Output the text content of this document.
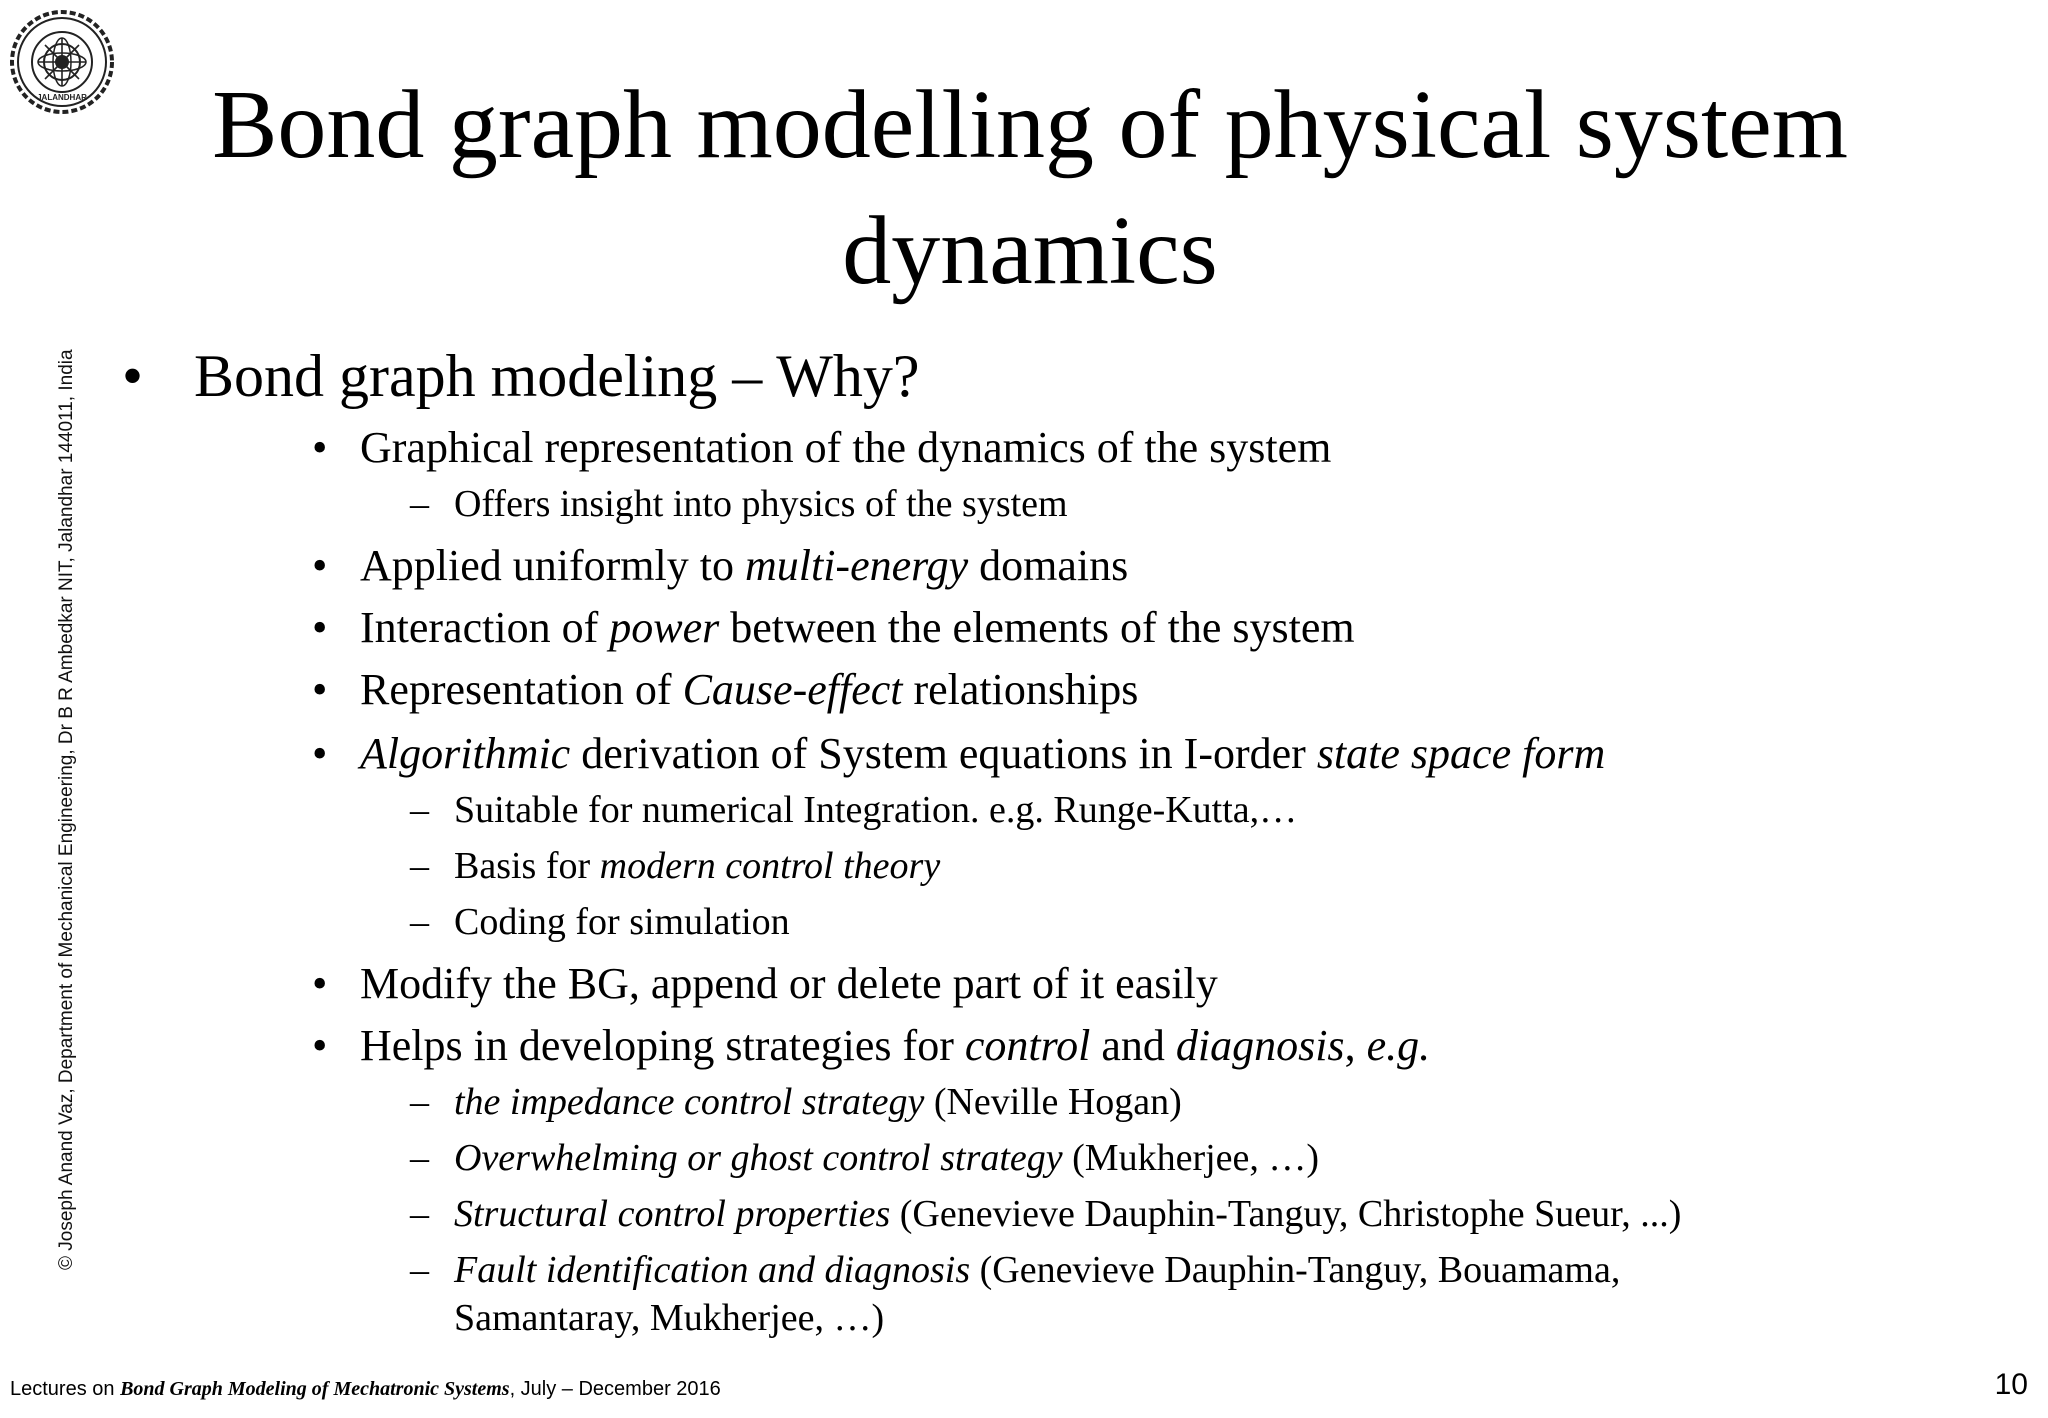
JALANDHAR
© Joseph Anand Vaz, Department of Mechanical Engineering, Dr B R Ambedkar NIT, Jalandhar 144011, India
Bond graph modelling of physical system dynamics
• Bond graph modeling – Why?
• Graphical representation of the dynamics of the system
– Offers insight into physics of the system
• Applied uniformly to multi-energy domains
• Interaction of power between the elements of the system
• Representation of Cause-effect relationships
• Algorithmic derivation of System equations in I-order state space form
– Suitable for numerical Integration. e.g. Runge-Kutta,…
– Basis for modern control theory
– Coding for simulation
• Modify the BG, append or delete part of it easily
• Helps in developing strategies for control and diagnosis, e.g.
– the impedance control strategy (Neville Hogan)
– Overwhelming or ghost control strategy (Mukherjee, …)
– Structural control properties (Genevieve Dauphin-Tanguy, Christophe Sueur, ...)
– Fault identification and diagnosis (Genevieve Dauphin-Tanguy, Bouamama,
Samantaray, Mukherjee, …)
Lectures on Bond Graph Modeling of Mechatronic Systems, July – December 2016	10
